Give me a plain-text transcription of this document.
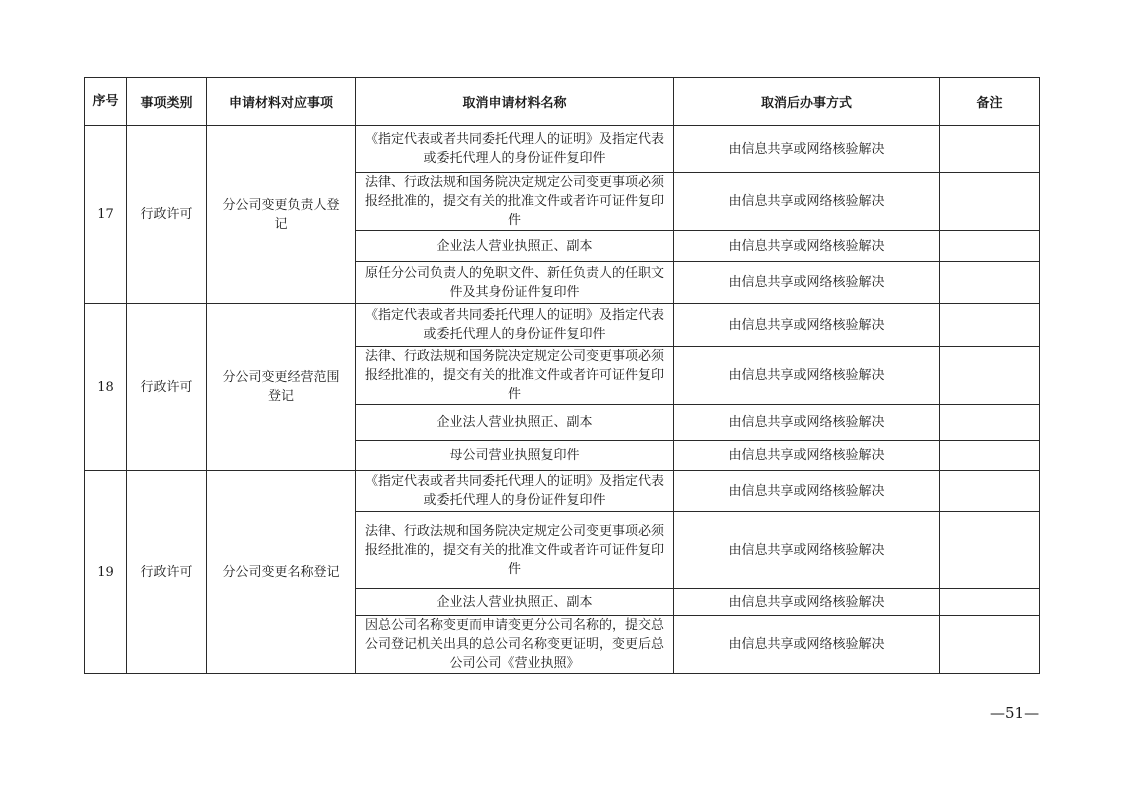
序号	事项类别	申请材料对应事项	取消申请材料名称	取消后办事方式	备注
17	行政许可	分公司变更负责人登记	《指定代表或者共同委托代理人的证明》及指定代表或委托代理人的身份证件复印件	由信息共享或网络核验解决	
			法律、行政法规和国务院决定规定公司变更事项必须报经批准的，提交有关的批准文件或者许可证件复印件	由信息共享或网络核验解决	
			企业法人营业执照正、副本	由信息共享或网络核验解决	
			原任分公司负责人的免职文件、新任负责人的任职文件及其身份证件复印件	由信息共享或网络核验解决	
18	行政许可	分公司变更经营范围登记	《指定代表或者共同委托代理人的证明》及指定代表或委托代理人的身份证件复印件	由信息共享或网络核验解决	
			法律、行政法规和国务院决定规定公司变更事项必须报经批准的，提交有关的批准文件或者许可证件复印件	由信息共享或网络核验解决	
			企业法人营业执照正、副本	由信息共享或网络核验解决	
			母公司营业执照复印件	由信息共享或网络核验解决	
19	行政许可	分公司变更名称登记	《指定代表或者共同委托代理人的证明》及指定代表或委托代理人的身份证件复印件	由信息共享或网络核验解决	
			法律、行政法规和国务院决定规定公司变更事项必须报经批准的，提交有关的批准文件或者许可证件复印件	由信息共享或网络核验解决	
			企业法人营业执照正、副本	由信息共享或网络核验解决	
			因总公司名称变更而申请变更分公司名称的，提交总公司登记机关出具的总公司名称变更证明，变更后总公司公司《营业执照》	由信息共享或网络核验解决	
—51—
